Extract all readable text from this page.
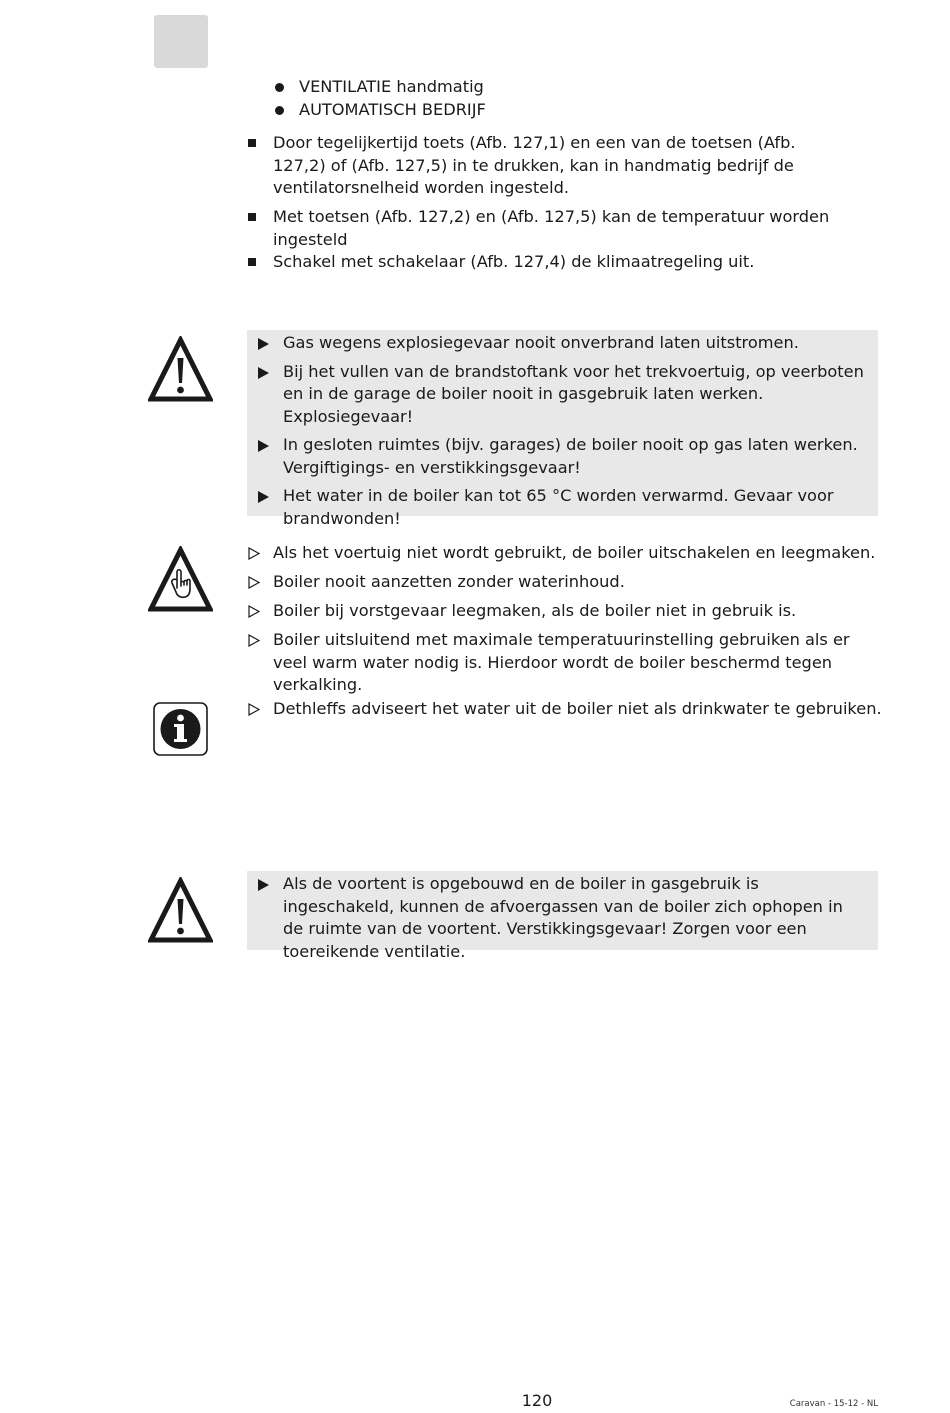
VENTILATIE handmatig
AUTOMATISCH BEDRIJF
Door tegelijkertijd toets (Afb. 127,1) en een van de toetsen (Afb. 127,2) of (Afb. 127,5) in te drukken, kan in handmatig bedrijf de ventilatorsnelheid worden ingesteld.
Met toetsen (Afb. 127,2) en (Afb. 127,5) kan de temperatuur worden ingesteld
Schakel met schakelaar (Afb. 127,4) de klimaatregeling uit.
Gas wegens explosiegevaar nooit onverbrand laten uitstromen.
Bij het vullen van de brandstoftank voor het trekvoertuig, op veerboten en in de garage de boiler nooit in gasgebruik laten werken. Explosiegevaar!
In gesloten ruimtes (bijv. garages) de boiler nooit op gas laten werken. Vergiftigings- en verstikkingsgevaar!
Het water in de boiler kan tot 65 °C worden verwarmd. Gevaar voor brandwonden!
Als het voertuig niet wordt gebruikt, de boiler uitschakelen en leegmaken.
Boiler nooit aanzetten zonder waterinhoud.
Boiler bij vorstgevaar leegmaken, als de boiler niet in gebruik is.
Boiler uitsluitend met maximale temperatuurinstelling gebruiken als er veel warm water nodig is. Hierdoor wordt de boiler beschermd tegen verkalking.
Dethleffs adviseert het water uit de boiler niet als drinkwater te gebruiken.
Als de voortent is opgebouwd en de boiler in gasgebruik is ingeschakeld, kunnen de afvoergassen van de boiler zich ophopen in de ruimte van de voortent. Verstikkingsgevaar! Zorgen voor een toereikende ventilatie.
120	Caravan - 15-12 - NL
